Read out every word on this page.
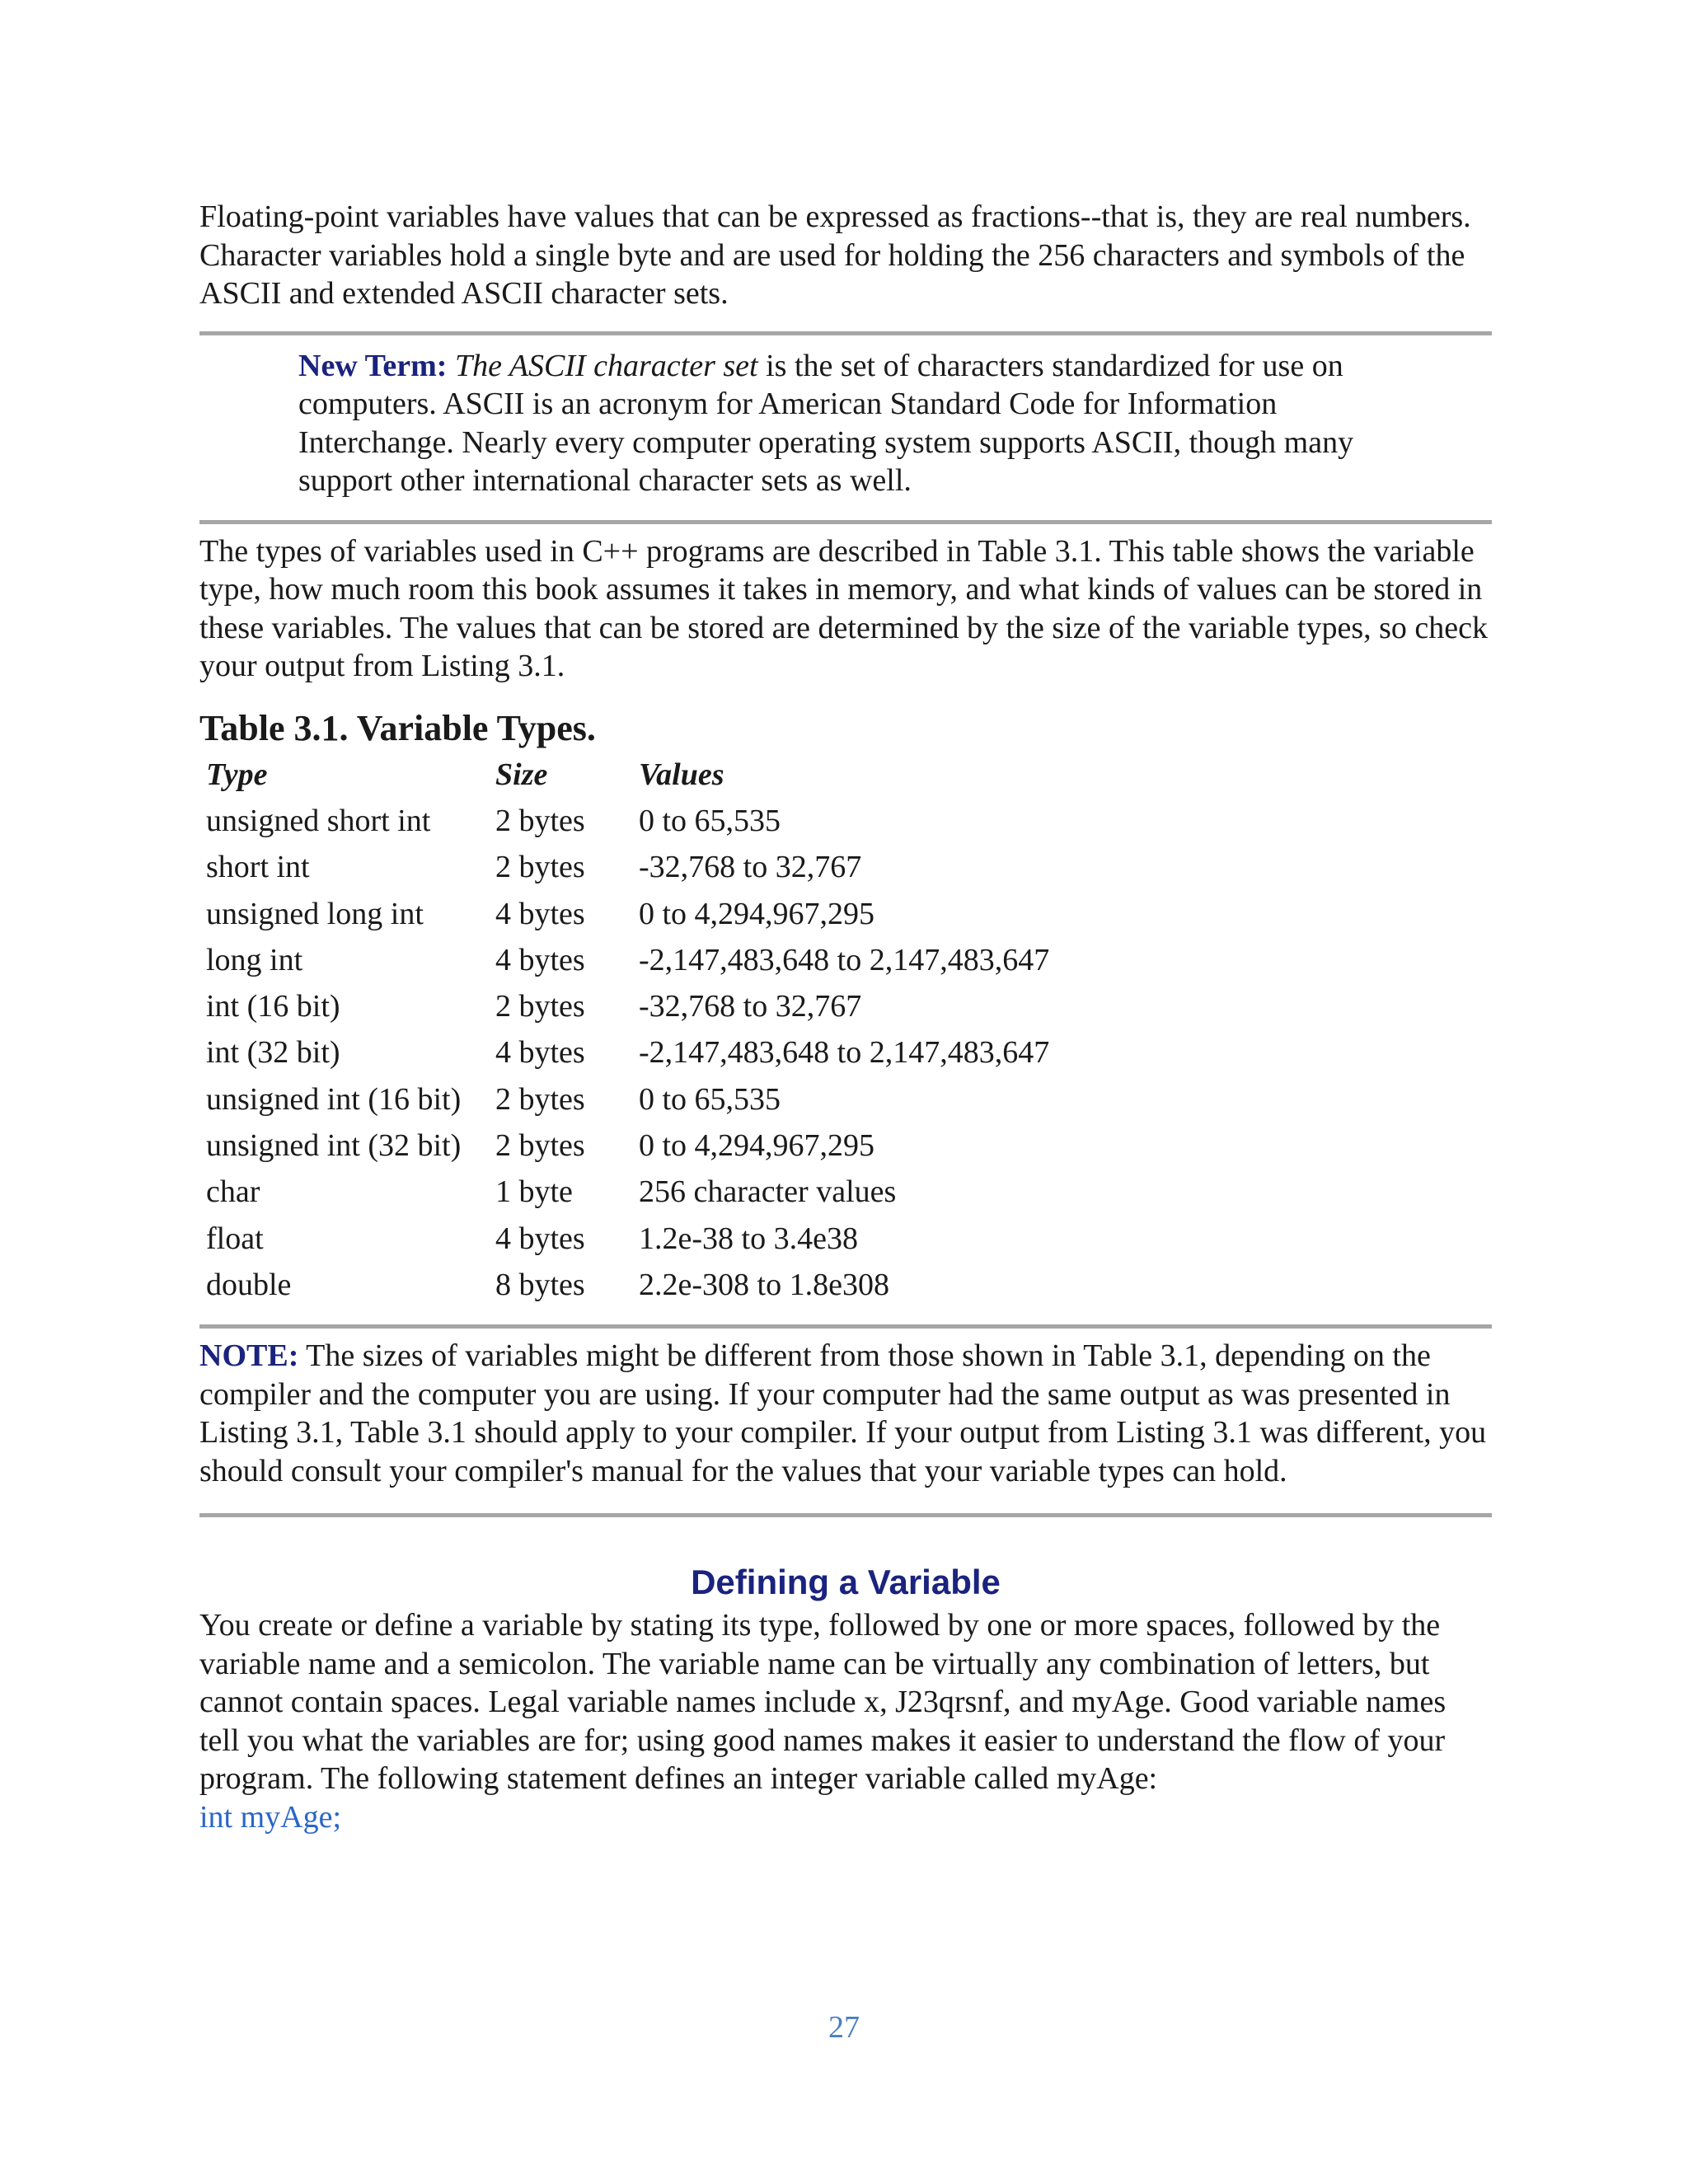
Floating-point variables have values that can be expressed as fractions--that is, they are real numbers. Character variables hold a single byte and are used for holding the 256 characters and symbols of the ASCII and extended ASCII character sets.

New Term: The ASCII character set is the set of characters standardized for use on computers. ASCII is an acronym for American Standard Code for Information Interchange. Nearly every computer operating system supports ASCII, though many support other international character sets as well.

The types of variables used in C++ programs are described in Table 3.1. This table shows the variable type, how much room this book assumes it takes in memory, and what kinds of values can be stored in these variables. The values that can be stored are determined by the size of the variable types, so check your output from Listing 3.1.

Table 3.1. Variable Types.
Type	Size	Values
unsigned short int	2 bytes	0 to 65,535
short int	2 bytes	-32,768 to 32,767
unsigned long int	4 bytes	0 to 4,294,967,295
long int	4 bytes	-2,147,483,648 to 2,147,483,647
int (16 bit)	2 bytes	-32,768 to 32,767
int (32 bit)	4 bytes	-2,147,483,648 to 2,147,483,647
unsigned int (16 bit)	2 bytes	0 to 65,535
unsigned int (32 bit)	2 bytes	0 to 4,294,967,295
char	1 byte	256 character values
float	4 bytes	1.2e-38 to 3.4e38
double	8 bytes	2.2e-308 to 1.8e308

NOTE: The sizes of variables might be different from those shown in Table 3.1, depending on the compiler and the computer you are using. If your computer had the same output as was presented in Listing 3.1, Table 3.1 should apply to your compiler. If your output from Listing 3.1 was different, you should consult your compiler's manual for the values that your variable types can hold.

Defining a Variable

You create or define a variable by stating its type, followed by one or more spaces, followed by the variable name and a semicolon. The variable name can be virtually any combination of letters, but cannot contain spaces. Legal variable names include x, J23qrsnf, and myAge. Good variable names tell you what the variables are for; using good names makes it easier to understand the flow of your program. The following statement defines an integer variable called myAge:

int myAge;

27
